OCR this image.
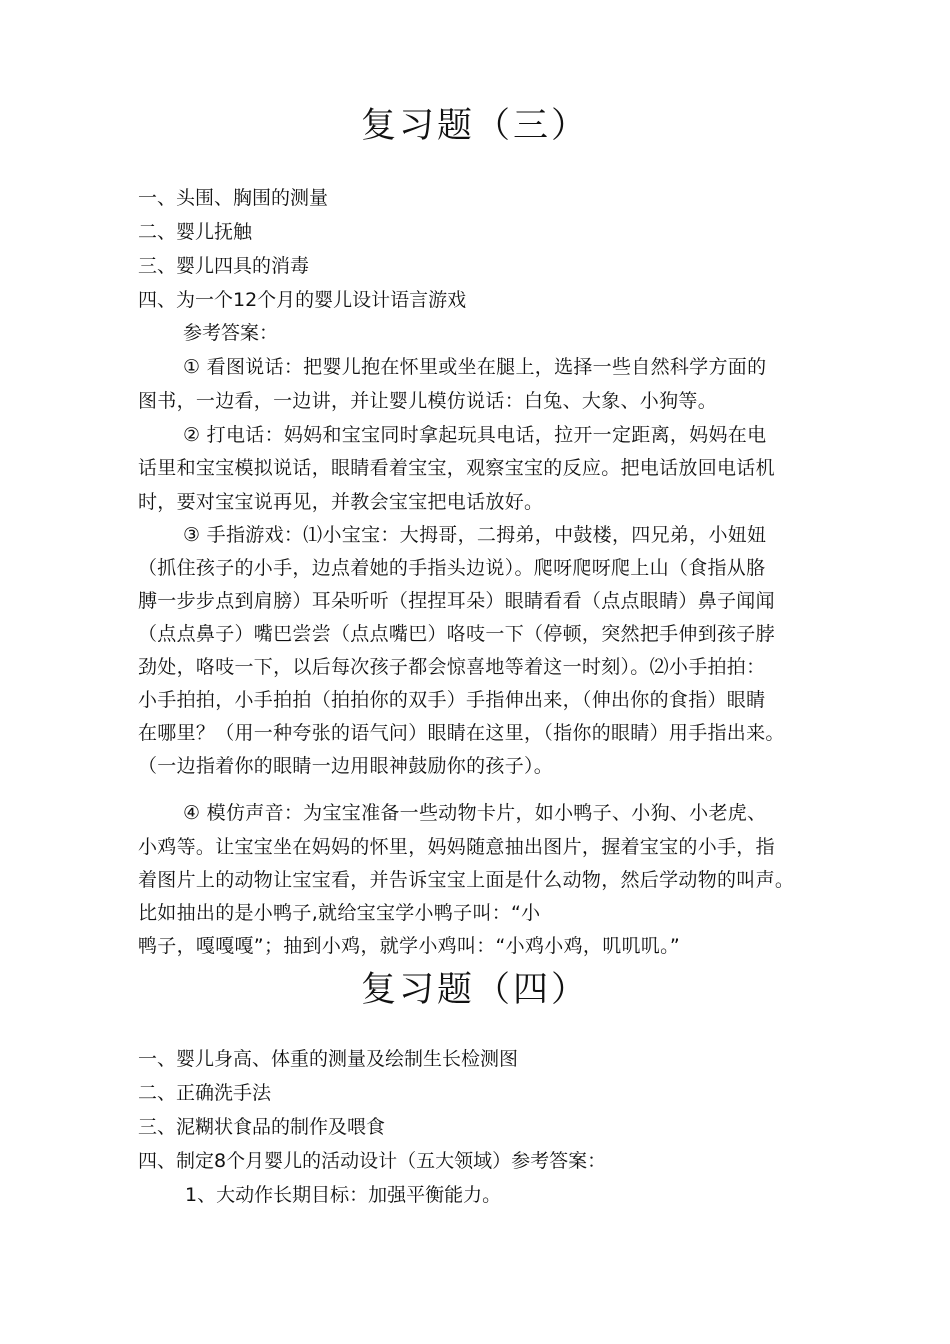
复习题（三）

一、头围、胸围的测量

二、婴儿抚触

三、婴儿四具的消毒

四、为一个12个月的婴儿设计语言游戏

参考答案：

① 看图说话：把婴儿抱在怀里或坐在腿上，选择一些自然科学方面的

图书，一边看，一边讲，并让婴儿模仿说话：白兔、大象、小狗等。

② 打电话：妈妈和宝宝同时拿起玩具电话，拉开一定距离，妈妈在电

话里和宝宝模拟说话，眼睛看着宝宝，观察宝宝的反应。把电话放回电话机

时，要对宝宝说再见，并教会宝宝把电话放好。

③ 手指游戏：⑴小宝宝：大拇哥，二拇弟，中鼓楼，四兄弟，小妞妞

（抓住孩子的小手，边点着她的手指头边说）。爬呀爬呀爬上山（食指从胳

膊一步步点到肩膀）耳朵听听（捏捏耳朵）眼睛看看（点点眼睛）鼻子闻闻

（点点鼻子）嘴巴尝尝（点点嘴巴）咯吱一下（停顿，突然把手伸到孩子脖

劲处，咯吱一下，以后每次孩子都会惊喜地等着这一时刻）。⑵小手拍拍：

小手拍拍，小手拍拍（拍拍你的双手）手指伸出来，（伸出你的食指）眼睛

在哪里？（用一种夸张的语气问）眼睛在这里，（指你的眼睛）用手指出来。

（一边指着你的眼睛一边用眼神鼓励你的孩子）。

④ 模仿声音：为宝宝准备一些动物卡片，如小鸭子、小狗、小老虎、

小鸡等。让宝宝坐在妈妈的怀里，妈妈随意抽出图片，握着宝宝的小手，指

着图片上的动物让宝宝看，并告诉宝宝上面是什么动物，然后学动物的叫声。

比如抽出的是小鸭子,就给宝宝学小鸭子叫：“小

鸭子，嘎嘎嘎”；抽到小鸡，就学小鸡叫：“小鸡小鸡，叽叽叽。”

复习题（四）

一、婴儿身高、体重的测量及绘制生长检测图

二、正确洗手法

三、泥糊状食品的制作及喂食

四、制定8个月婴儿的活动设计（五大领域）参考答案：

1、大动作长期目标：加强平衡能力。
